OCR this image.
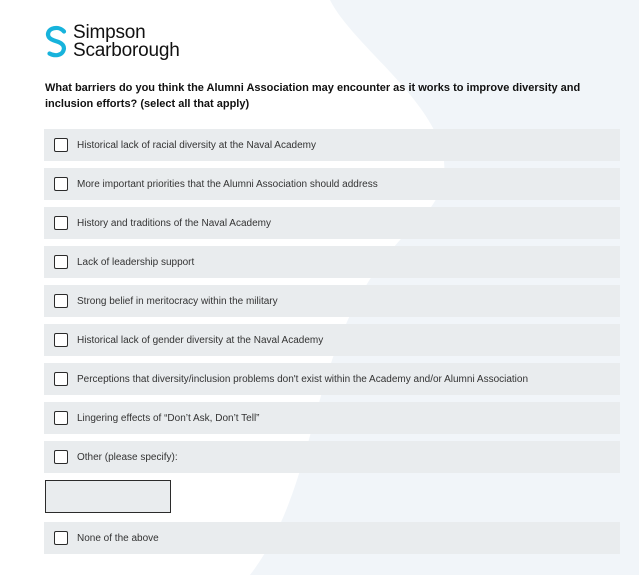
Simpson
Scarborough
What barriers do you think the Alumni Association may encounter as it works to improve diversity and inclusion efforts? (select all that apply)
Historical lack of racial diversity at the Naval Academy
More important priorities that the Alumni Association should address
History and traditions of the Naval Academy
Lack of leadership support
Strong belief in meritocracy within the military
Historical lack of gender diversity at the Naval Academy
Perceptions that diversity/inclusion problems don't exist within the Academy and/or Alumni Association
Lingering effects of “Don’t Ask, Don’t Tell”
Other (please specify):
None of the above
